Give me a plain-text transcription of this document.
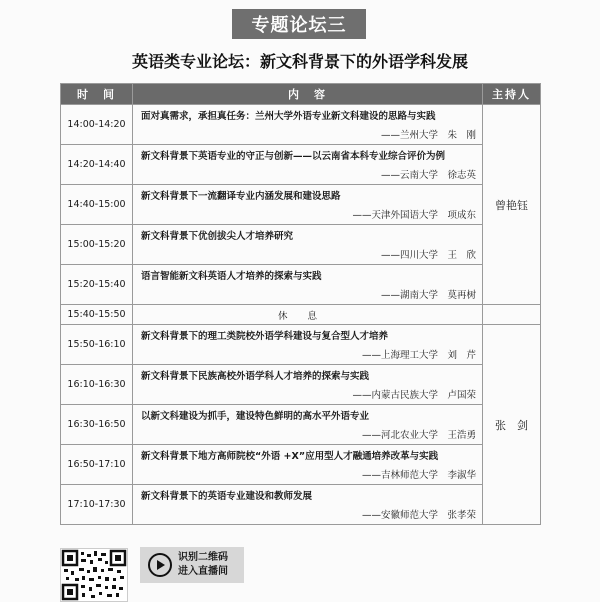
专题论坛三
英语类专业论坛：新文科背景下的外语学科发展
时　间	内　容	主持人
14:00-14:20	面对真需求，承担真任务：兰州大学外语专业新文科建设的思路与实践
——兰州大学　朱　刚	曾艳钰
14:20-14:40	新文科背景下英语专业的守正与创新——以云南省本科专业综合评价为例
——云南大学　徐志英	

14:40-15:00	新文科背景下一流翻译专业内涵发展和建设思路
——天津外国语大学　项成东	

15:00-15:20	新文科背景下优创拔尖人才培养研究
——四川大学　王　欣	

15:20-15:40	语言智能新文科英语人才培养的探索与实践
——湖南大学　莫再树	

15:40-15:50	休息	
15:50-16:10	新文科背景下的理工类院校外语学科建设与复合型人才培养
——上海理工大学　刘　芹	张　剑
16:10-16:30	新文科背景下民族高校外语学科人才培养的探索与实践
——内蒙古民族大学　卢国荣	

16:30-16:50	以新文科建设为抓手，建设特色鲜明的高水平外语专业
——河北农业大学　王浩勇	

16:50-17:10	新文科背景下地方高师院校“外语 +X”应用型人才融通培养改革与实践
——吉林师范大学　李淑华	

17:10-17:30	新文科背景下的英语专业建设和教师发展
——安徽师范大学　张孝荣	
识别二维码
进入直播间
